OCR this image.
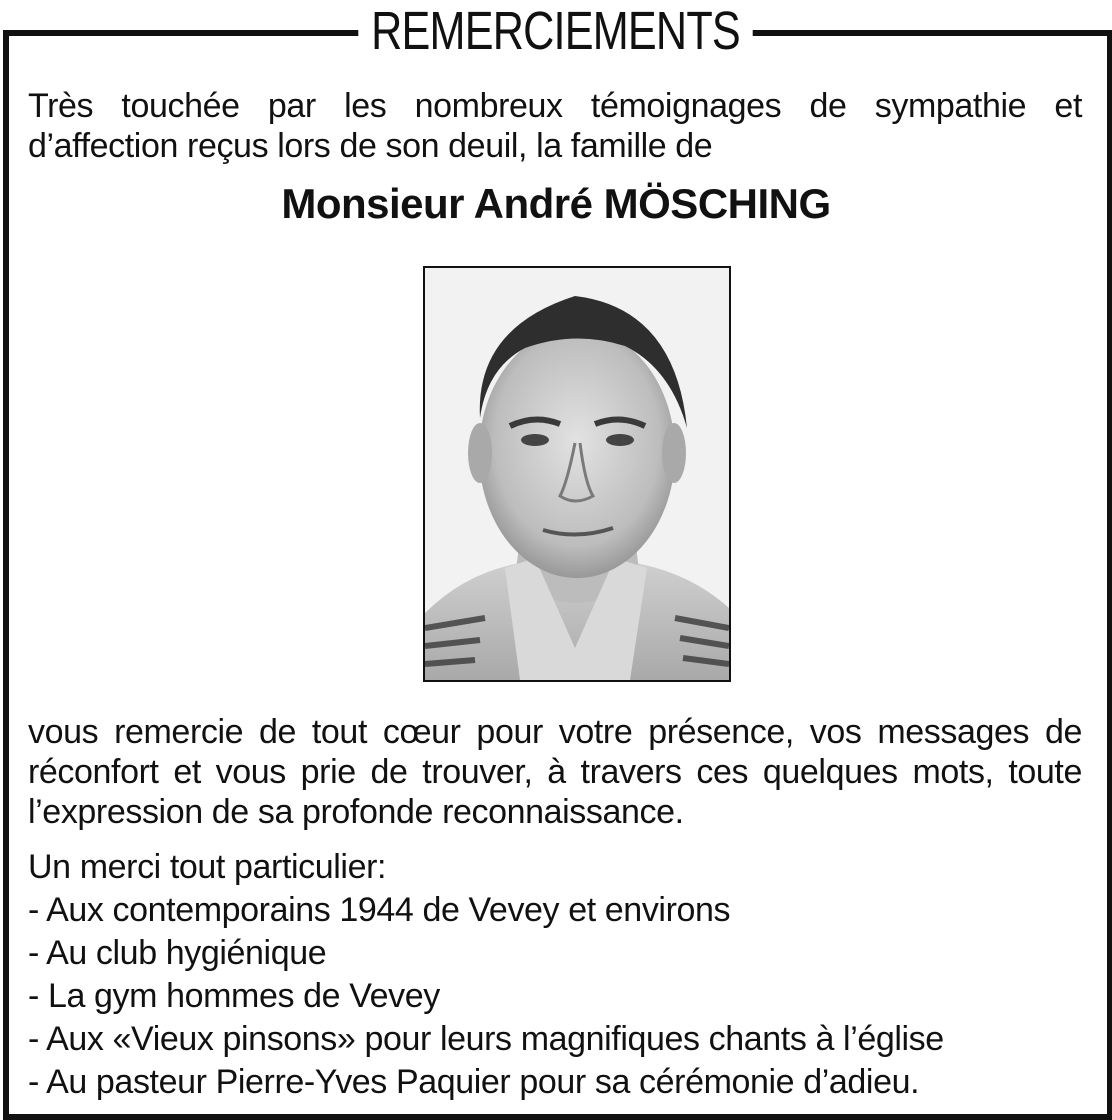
REMERCIEMENTS
Très touchée par les nombreux témoignages de sympathie et d’affection reçus lors de son deuil, la famille de
Monsieur André MÖSCHING
vous remercie de tout cœur pour votre présence, vos messages de réconfort et vous prie de trouver, à travers ces quelques mots, toute l’expression de sa profonde reconnaissance.
Un merci tout particulier:
- Aux contemporains 1944 de Vevey et environs
- Au club hygiénique
- La gym hommes de Vevey
- Aux «Vieux pinsons» pour leurs magnifiques chants à l’église
- Au pasteur Pierre-Yves Paquier pour sa cérémonie d’adieu.
